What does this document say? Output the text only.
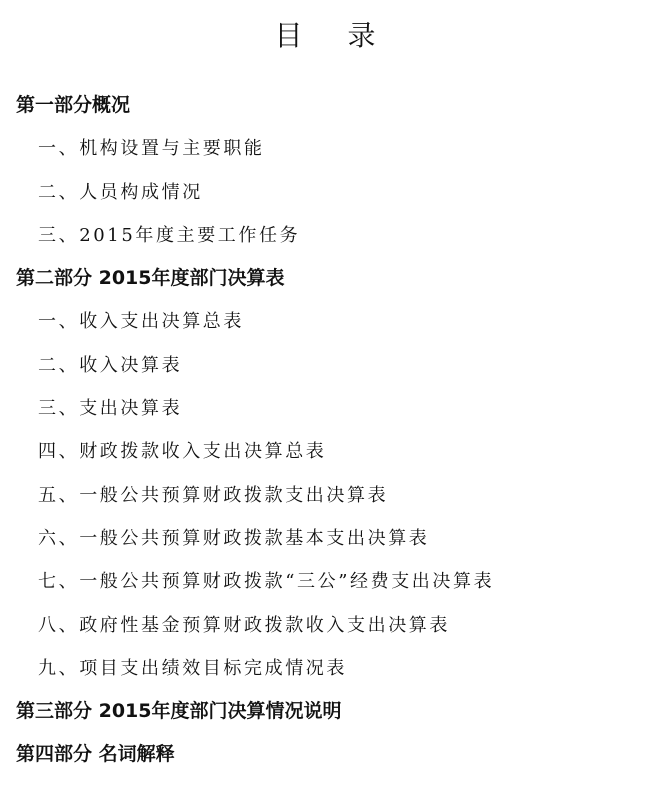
目 录
第一部分概况
一、机构设置与主要职能
二、人员构成情况
三、2015年度主要工作任务
第二部分 2015年度部门决算表
一、收入支出决算总表
二、收入决算表
三、支出决算表
四、财政拨款收入支出决算总表
五、一般公共预算财政拨款支出决算表
六、一般公共预算财政拨款基本支出决算表
七、一般公共预算财政拨款“三公”经费支出决算表
八、政府性基金预算财政拨款收入支出决算表
九、项目支出绩效目标完成情况表
第三部分 2015年度部门决算情况说明
第四部分 名词解释
